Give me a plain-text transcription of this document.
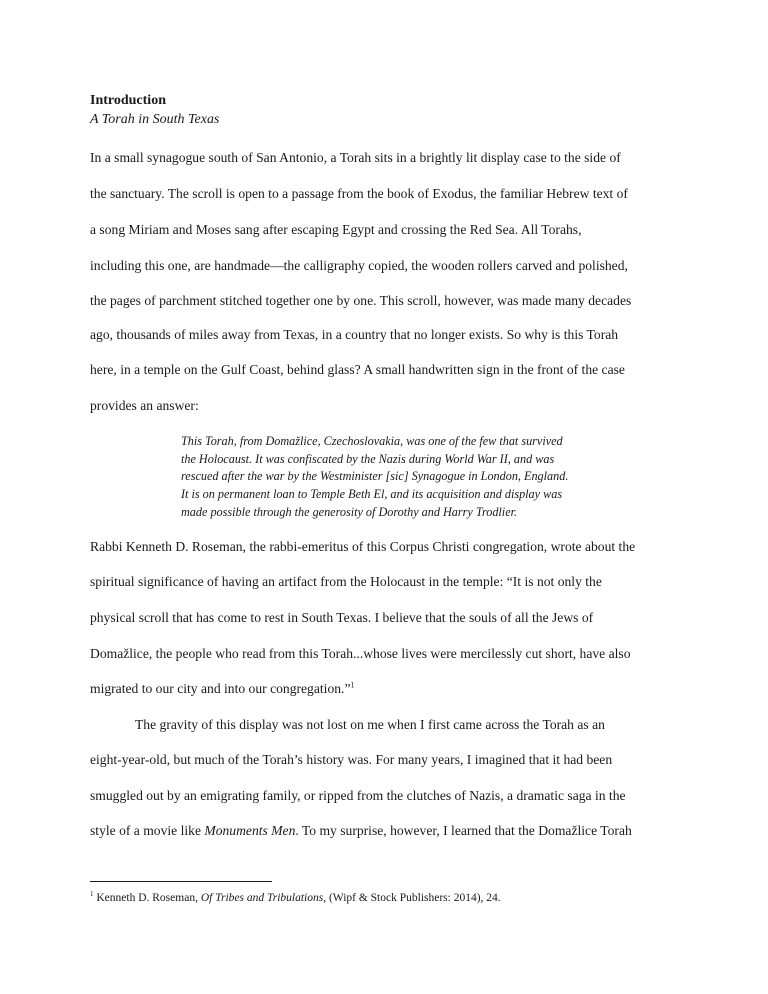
Introduction
A Torah in South Texas
In a small synagogue south of San Antonio, a Torah sits in a brightly lit display case to the side of
the sanctuary. The scroll is open to a passage from the book of Exodus, the familiar Hebrew text of
a song Miriam and Moses sang after escaping Egypt and crossing the Red Sea. All Torahs,
including this one, are handmade—the calligraphy copied, the wooden rollers carved and polished,
the pages of parchment stitched together one by one. This scroll, however, was made many decades
ago, thousands of miles away from Texas, in a country that no longer exists. So why is this Torah
here, in a temple on the Gulf Coast, behind glass? A small handwritten sign in the front of the case
provides an answer:
This Torah, from Domažlice, Czechoslovakia, was one of the few that survived
the Holocaust. It was confiscated by the Nazis during World War II, and was
rescued after the war by the Westminister [sic] Synagogue in London, England.
It is on permanent loan to Temple Beth El, and its acquisition and display was
made possible through the generosity of Dorothy and Harry Trodlier.
Rabbi Kenneth D. Roseman, the rabbi-emeritus of this Corpus Christi congregation, wrote about the
spiritual significance of having an artifact from the Holocaust in the temple: “It is not only the
physical scroll that has come to rest in South Texas. I believe that the souls of all the Jews of
Domažlice, the people who read from this Torah...whose lives were mercilessly cut short, have also
migrated to our city and into our congregation.”$^1$
The gravity of this display was not lost on me when I first came across the Torah as an
eight-year-old, but much of the Torah’s history was. For many years, I imagined that it had been
smuggled out by an emigrating family, or ripped from the clutches of Nazis, a dramatic saga in the
style of a movie like Monuments Men. To my surprise, however, I learned that the Domažlice Torah
$^1$ Kenneth D. Roseman, Of Tribes and Tribulations, (Wipf & Stock Publishers: 2014), 24.
